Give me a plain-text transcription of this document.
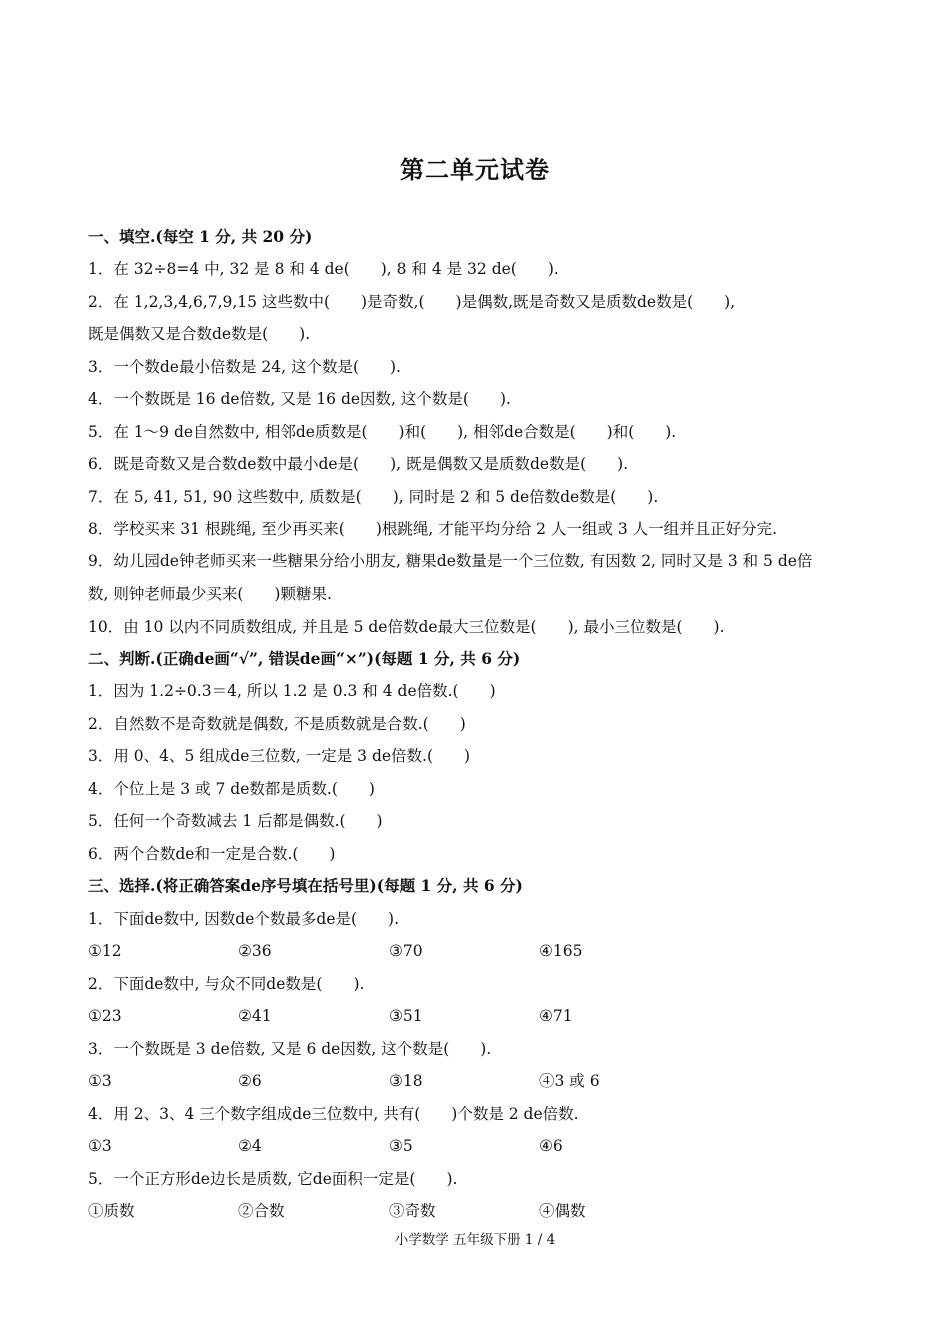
第二单元试卷
一、填空.(每空 1 分, 共 20 分)
1．在 32÷8=4 中, 32 是 8 和 4 de(　　), 8 和 4 是 32 de(　　).
2．在 1,2,3,4,6,7,9,15 这些数中(　　)是奇数,(　　)是偶数,既是奇数又是质数de数是(　　),
既是偶数又是合数de数是(　　).
3．一个数de最小倍数是 24, 这个数是(　　).
4．一个数既是 16 de倍数, 又是 16 de因数, 这个数是(　　).
5．在 1～9 de自然数中, 相邻de质数是(　　)和(　　), 相邻de合数是(　　)和(　　).
6．既是奇数又是合数de数中最小de是(　　), 既是偶数又是质数de数是(　　).
7．在 5, 41, 51, 90 这些数中, 质数是(　　), 同时是 2 和 5 de倍数de数是(　　).
8．学校买来 31 根跳绳, 至少再买来(　　)根跳绳, 才能平均分给 2 人一组或 3 人一组并且正好分完.
9．幼儿园de钟老师买来一些糖果分给小朋友, 糖果de数量是一个三位数, 有因数 2, 同时又是 3 和 5 de倍
数, 则钟老师最少买来(　　)颗糖果.
10．由 10 以内不同质数组成, 并且是 5 de倍数de最大三位数是(　　), 最小三位数是(　　).
二、判断.(正确de画“√”, 错误de画“×”)(每题 1 分, 共 6 分)
1．因为 1.2÷0.3＝4, 所以 1.2 是 0.3 和 4 de倍数.(　　)
2．自然数不是奇数就是偶数, 不是质数就是合数.(　　)
3．用 0、4、5 组成de三位数, 一定是 3 de倍数.(　　)
4．个位上是 3 或 7 de数都是质数.(　　)
5．任何一个奇数减去 1 后都是偶数.(　　)
6．两个合数de和一定是合数.(　　)
三、选择.(将正确答案de序号填在括号里)(每题 1 分, 共 6 分)
1．下面de数中, 因数de个数最多de是(　　).
①12	②36	③70	④165
2．下面de数中, 与众不同de数是(　　).
①23	②41	③51	④71
3．一个数既是 3 de倍数, 又是 6 de因数, 这个数是(　　).
①3	②6	③18	④3 或 6
4．用 2、3、4 三个数字组成de三位数中, 共有(　　)个数是 2 de倍数.
①3	②4	③5	④6
5．一个正方形de边长是质数, 它de面积一定是(　　).
①质数	②合数	③奇数	④偶数
小学数学 五年级下册 1 / 4
